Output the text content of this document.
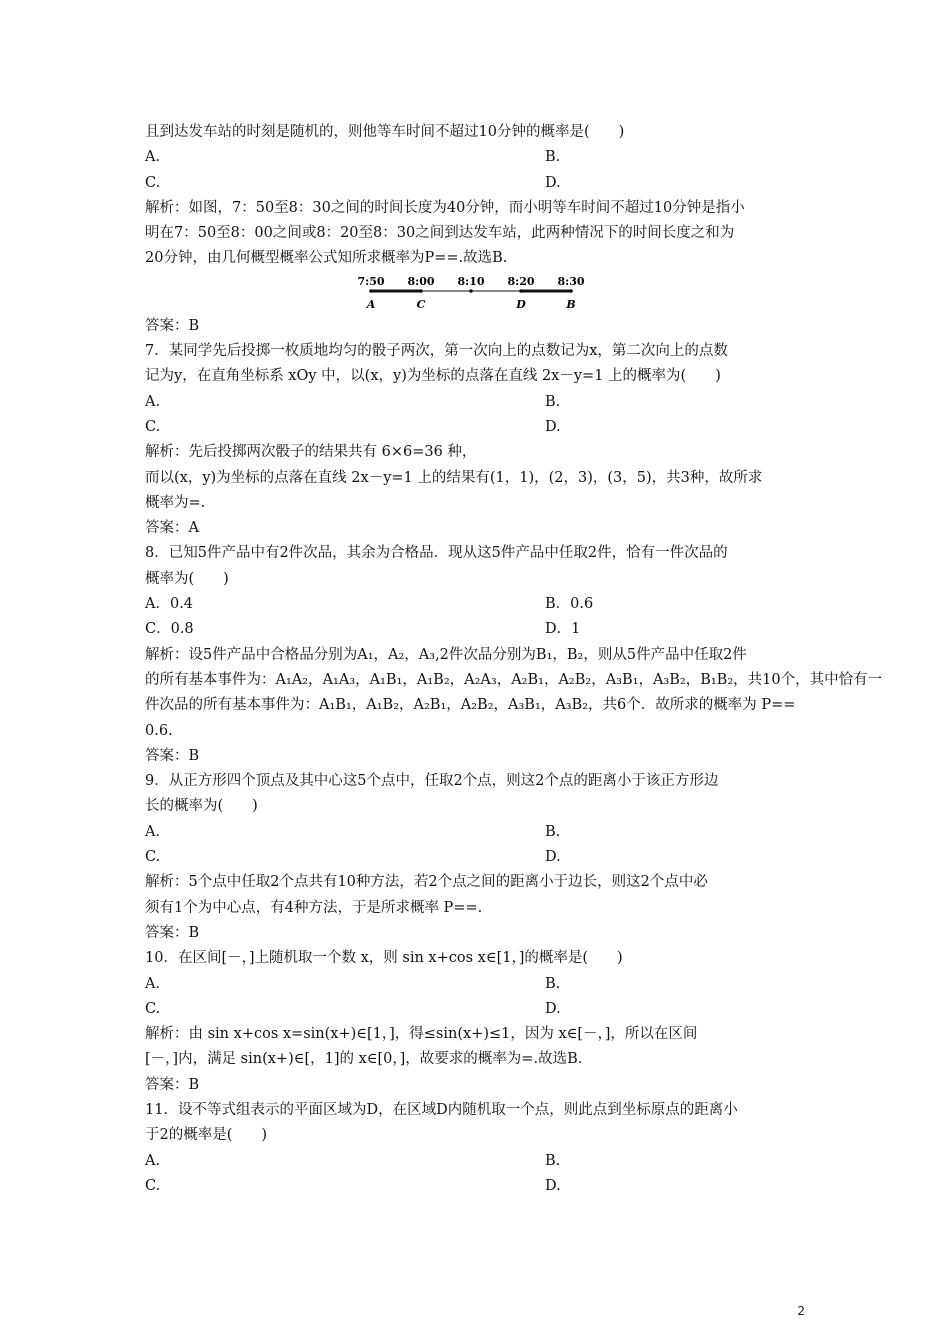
且到达发车站的时刻是随机的，则他等车时间不超过10分钟的概率是(　　)
A.	B.
C.	D.
解析：如图，7：50至8：30之间的时间长度为40分钟，而小明等车时间不超过10分钟是指小
明在7：50至8：00之间或8：20至8：30之间到达发车站，此两种情况下的时间长度之和为
20分钟，由几何概型概率公式知所求概率为P==.故选B.
7:50 8:00 8:10 8:20 8:30
A	C	D	B
答案：B
7．某同学先后投掷一枚质地均匀的骰子两次，第一次向上的点数记为x，第二次向上的点数
记为y，在直角坐标系 xOy 中，以(x，y)为坐标的点落在直线 2x－y=1 上的概率为(　　)
A.	B.
C.	D.
解析：先后投掷两次骰子的结果共有 6×6=36 种，
而以(x，y)为坐标的点落在直线 2x－y=1 上的结果有(1，1)，(2，3)，(3，5)，共3种，故所求
概率为=.
答案：A
8．已知5件产品中有2件次品，其余为合格品．现从这5件产品中任取2件，恰有一件次品的
概率为(　　)
A．0.4	B．0.6
C．0.8	D．1
解析：设5件产品中合格品分别为A₁，A₂，A₃,2件次品分别为B₁，B₂，则从5件产品中任取2件
的所有基本事件为：A₁A₂，A₁A₃，A₁B₁，A₁B₂，A₂A₃，A₂B₁，A₂B₂，A₃B₁，A₃B₂，B₁B₂，共10个，其中恰有一
件次品的所有基本事件为：A₁B₁，A₁B₂，A₂B₁，A₂B₂，A₃B₁，A₃B₂，共6个．故所求的概率为 P==
0.6.
答案：B
9．从正方形四个顶点及其中心这5个点中，任取2个点，则这2个点的距离小于该正方形边
长的概率为(　　)
A.	B.
C.	D.
解析：5个点中任取2个点共有10种方法，若2个点之间的距离小于边长，则这2个点中必
须有1个为中心点，有4种方法，于是所求概率 P==.
答案：B
10．在区间[－，]上随机取一个数 x，则 sin x+cos x∈[1，]的概率是(　　)
A.	B.
C.	D.
解析：由 sin x+cos x=sin(x+)∈[1，]，得≤sin(x+)≤1，因为 x∈[－，]，所以在区间
[－，]内，满足 sin(x+)∈[，1]的 x∈[0，]，故要求的概率为=.故选B.
答案：B
11．设不等式组表示的平面区域为D，在区域D内随机取一个点，则此点到坐标原点的距离小
于2的概率是(　　)
A.	B.
C.	D.
2
